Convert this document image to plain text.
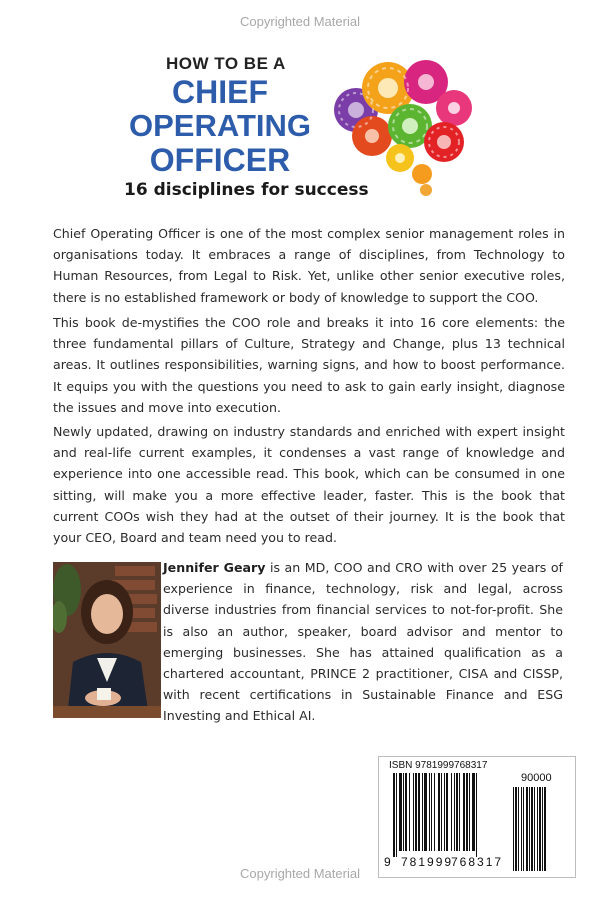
Copyrighted Material
HOW TO BE A
CHIEF
OPERATING
OFFICER
16 disciplines for success

Chief Operating Officer is one of the most complex senior management roles in organisations today. It embraces a range of disciplines, from Technology to Human Resources, from Legal to Risk. Yet, unlike other senior executive roles, there is no established framework or body of knowledge to support the COO.

This book de-mystifies the COO role and breaks it into 16 core elements: the three fundamental pillars of Culture, Strategy and Change, plus 13 technical areas. It outlines responsibilities, warning signs, and how to boost performance. It equips you with the questions you need to ask to gain early insight, diagnose the issues and move into execution.

Newly updated, drawing on industry standards and enriched with expert insight and real-life current examples, it condenses a vast range of knowledge and experience into one accessible read. This book, which can be consumed in one sitting, will make you a more effective leader, faster. This is the book that current COOs wish they had at the outset of their journey. It is the book that your CEO, Board and team need you to read.

Jennifer Geary is an MD, COO and CRO with over 25 years of experience in finance, technology, risk and legal, across diverse industries from financial services to not-for-profit. She is also an author, speaker, board advisor and mentor to emerging businesses. She has attained qualification as a chartered accountant, PRINCE 2 practitioner, CISA and CISSP, with recent certifications in Sustainable Finance and ESG Investing and Ethical AI.

ISBN 9781999768317
90000
9 781999
768317
Copyrighted Material
